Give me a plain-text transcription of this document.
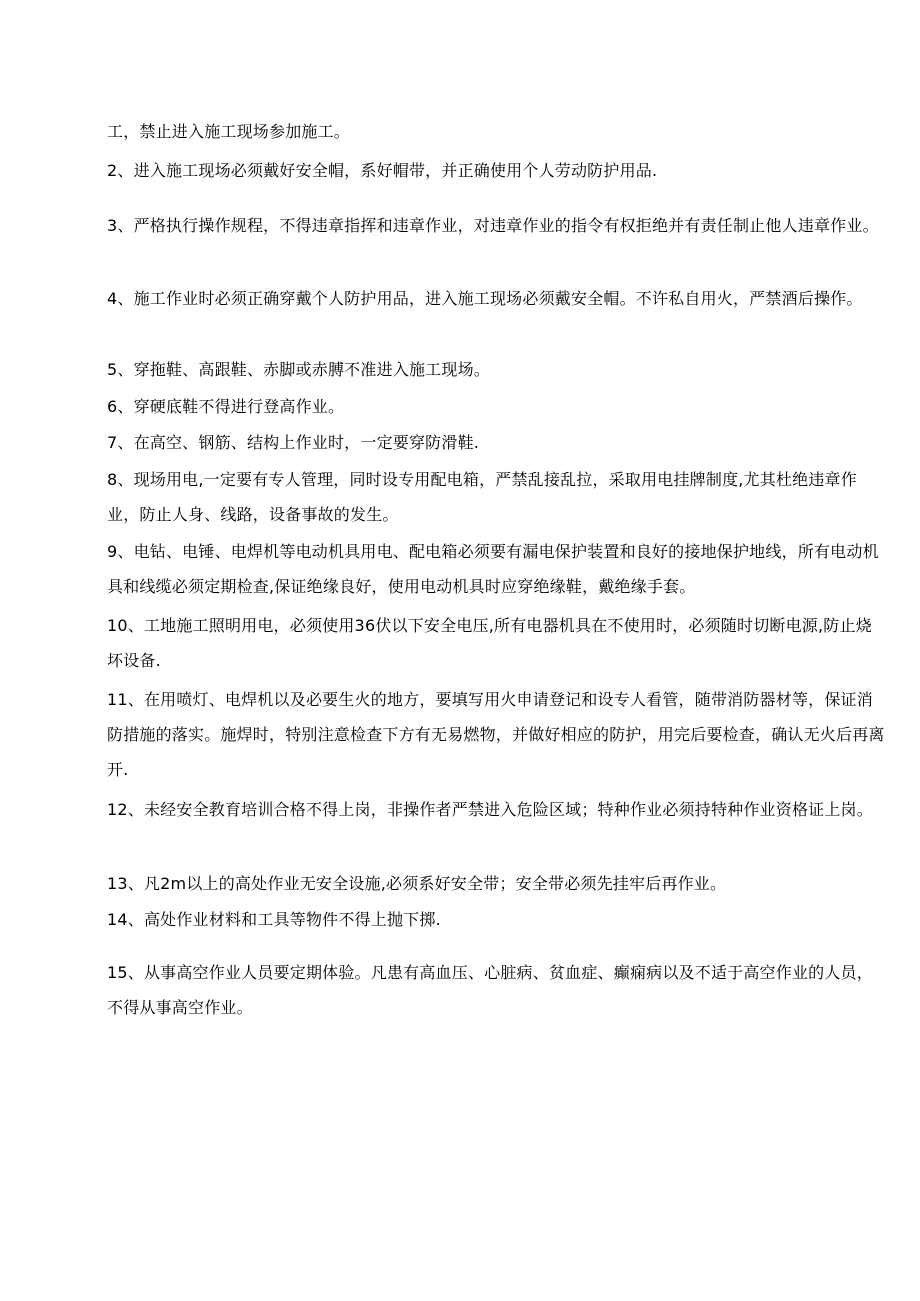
工，禁止进入施工现场参加施工。

2、进入施工现场必须戴好安全帽，系好帽带，并正确使用个人劳动防护用品.

3、严格执行操作规程，不得违章指挥和违章作业，对违章作业的指令有权拒绝并有责任制止他人违章作业。

4、施工作业时必须正确穿戴个人防护用品，进入施工现场必须戴安全帽。不许私自用火，严禁酒后操作。

5、穿拖鞋、高跟鞋、赤脚或赤膊不准进入施工现场。

6、穿硬底鞋不得进行登高作业。

7、在高空、钢筋、结构上作业时，一定要穿防滑鞋.

8、现场用电,一定要有专人管理，同时设专用配电箱，严禁乱接乱拉，采取用电挂牌制度,尤其杜绝违章作业，防止人身、线路，设备事故的发生。

9、电钻、电锤、电焊机等电动机具用电、配电箱必须要有漏电保护装置和良好的接地保护地线，所有电动机具和线缆必须定期检查,保证绝缘良好，使用电动机具时应穿绝缘鞋，戴绝缘手套。

10、工地施工照明用电，必须使用36伏以下安全电压,所有电器机具在不使用时，必须随时切断电源,防止烧坏设备.

11、在用喷灯、电焊机以及必要生火的地方，要填写用火申请登记和设专人看管，随带消防器材等，保证消防措施的落实。施焊时，特别注意检查下方有无易燃物，并做好相应的防护，用完后要检查，确认无火后再离开.

12、未经安全教育培训合格不得上岗，非操作者严禁进入危险区域；特种作业必须持特种作业资格证上岗。

13、凡2m以上的高处作业无安全设施,必须系好安全带；安全带必须先挂牢后再作业。

14、高处作业材料和工具等物件不得上抛下掷.

15、从事高空作业人员要定期体验。凡患有高血压、心脏病、贫血症、癫痫病以及不适于高空作业的人员，不得从事高空作业。
